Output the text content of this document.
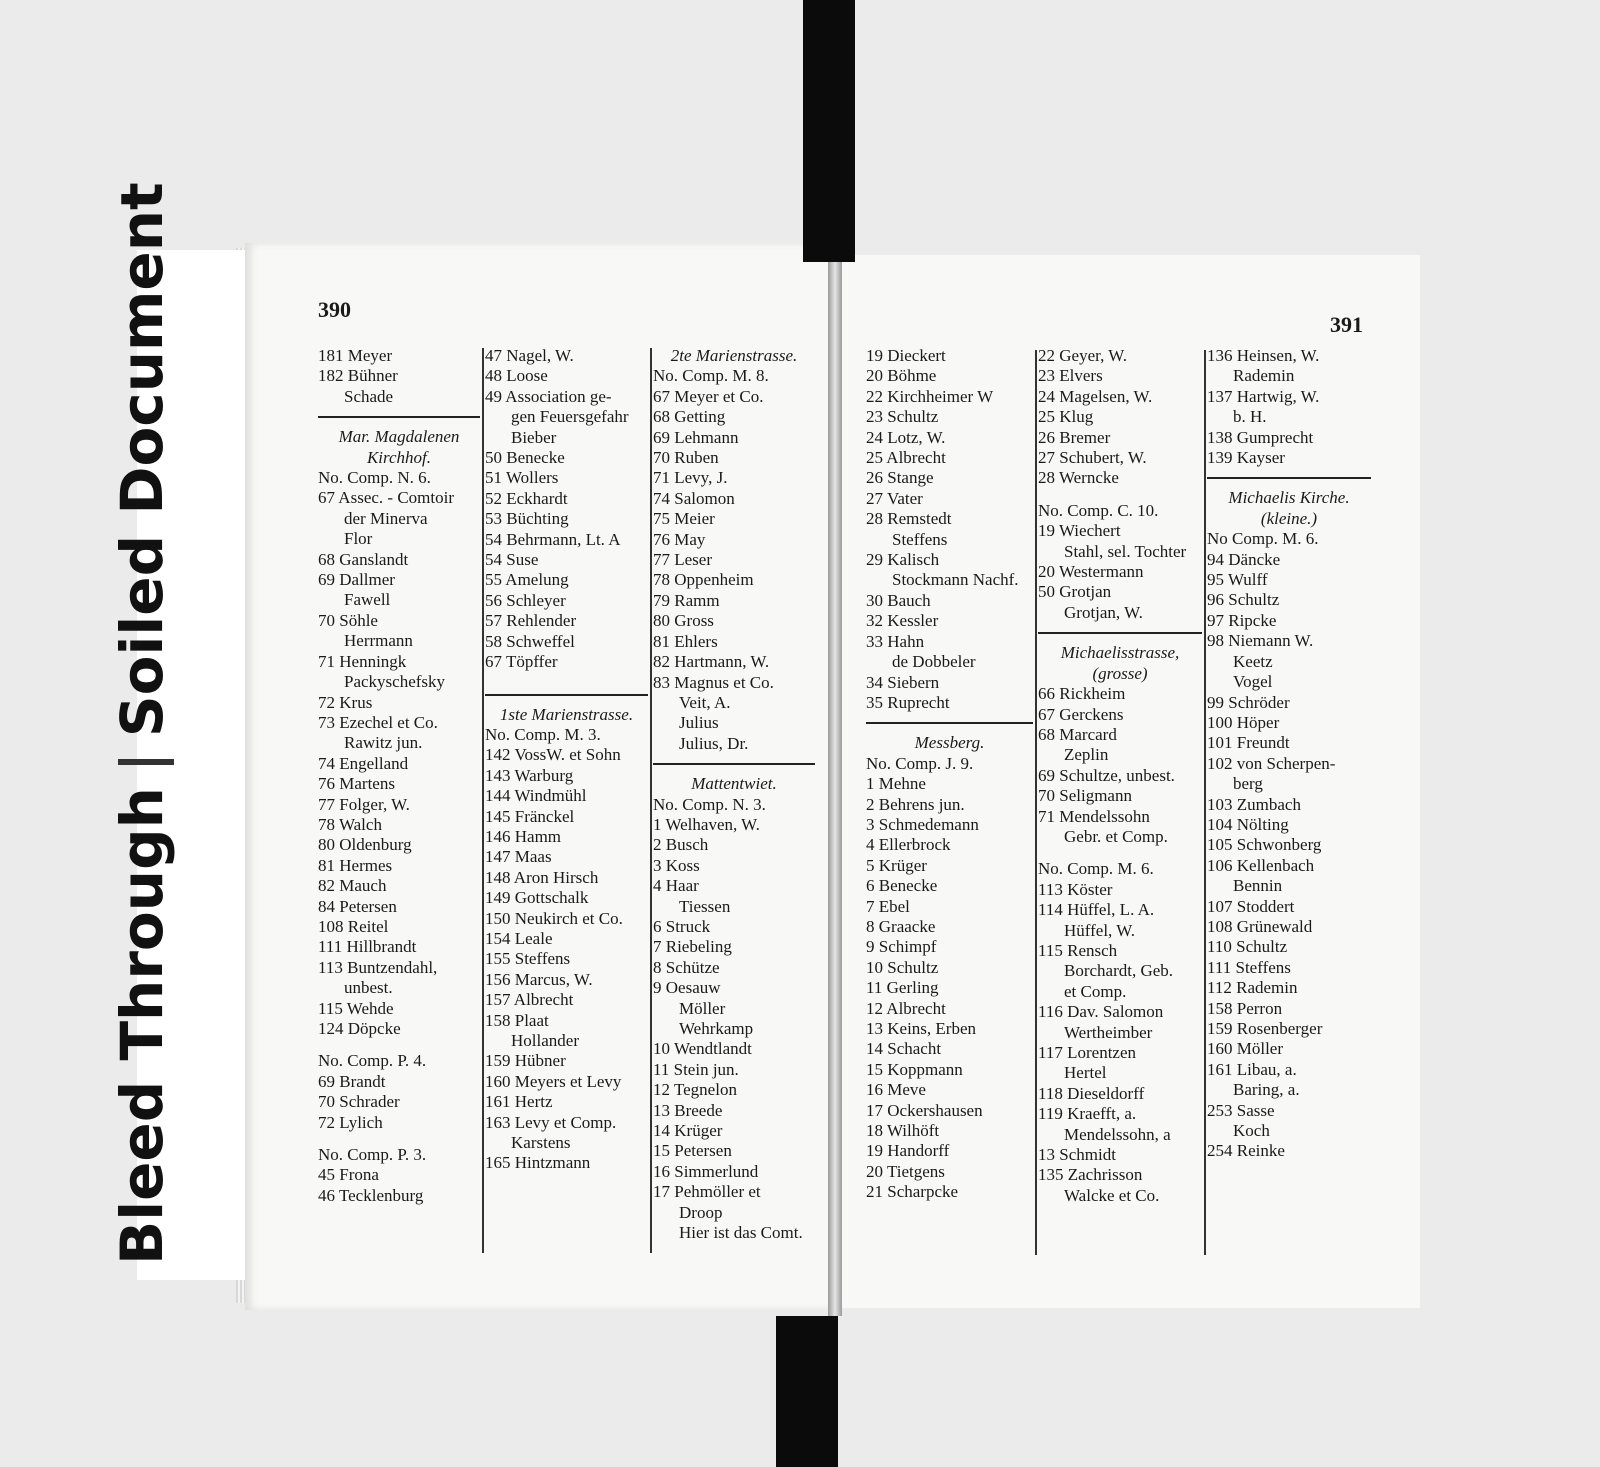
Bleed ThroughSoiled Document	390
391
181 Meyer
182 Bühner
Schade
Mar. Magdalenen
Kirchhof.
No. Comp. N. 6.
67 Assec. - Comtoir
der Minerva
Flor
68 Ganslandt
69 Dallmer
Fawell
70 Söhle
Herrmann
71 Henningk
Packyschefsky
72 Krus
73 Ezechel et Co.
Rawitz jun.
74 Engelland
76 Martens
77 Folger, W.
78 Walch
80 Oldenburg
81 Hermes
82 Mauch
84 Petersen
108 Reitel
111 Hillbrandt
113 Buntzendahl,
unbest.
115 Wehde
124 Döpcke
No. Comp. P. 4.
69 Brandt
70 Schrader
72 Lylich
No. Comp. P. 3.
45 Frona
46 Tecklenburg
47 Nagel, W.
48 Loose
49 Association ge-
gen Feuersgefahr
Bieber
50 Benecke
51 Wollers
52 Eckhardt
53 Büchting
54 Behrmann, Lt. A
54 Suse
55 Amelung
56 Schleyer
57 Rehlender
58 Schweffel
67 Töpffer
1ste Marienstrasse.
No. Comp. M. 3.
142 VossW. et Sohn
143 Warburg
144 Windmühl
145 Fränckel
146 Hamm
147 Maas
148 Aron Hirsch
149 Gottschalk
150 Neukirch et Co.
154 Leale
155 Steffens
156 Marcus, W.
157 Albrecht
158 Plaat
Hollander
159 Hübner
160 Meyers et Levy
161 Hertz
163 Levy et Comp.
Karstens
165 Hintzmann
2te Marienstrasse.
No. Comp. M. 8.
67 Meyer et Co.
68 Getting
69 Lehmann
70 Ruben
71 Levy, J.
74 Salomon
75 Meier
76 May
77 Leser
78 Oppenheim
79 Ramm
80 Gross
81 Ehlers
82 Hartmann, W.
83 Magnus et Co.
Veit, A.
Julius
Julius, Dr.
Mattentwiet.
No. Comp. N. 3.
1 Welhaven, W.
2 Busch
3 Koss
4 Haar
Tiessen
6 Struck
7 Riebeling
8 Schütze
9 Oesauw
Möller
Wehrkamp
10 Wendtlandt
11 Stein jun.
12 Tegnelon
13 Breede
14 Krüger
15 Petersen
16 Simmerlund
17 Pehmöller et
Droop
Hier ist das Comt.
19 Dieckert
20 Böhme
22 Kirchheimer W
23 Schultz
24 Lotz, W.
25 Albrecht
26 Stange
27 Vater
28 Remstedt
Steffens
29 Kalisch
Stockmann Nachf.
30 Bauch
32 Kessler
33 Hahn
de Dobbeler
34 Siebern
35 Ruprecht
Messberg.
No. Comp. J. 9.
1 Mehne
2 Behrens jun.
3 Schmedemann
4 Ellerbrock
5 Krüger
6 Benecke
7 Ebel
8 Graacke
9 Schimpf
10 Schultz
11 Gerling
12 Albrecht
13 Keins, Erben
14 Schacht
15 Koppmann
16 Meve
17 Ockershausen
18 Wilhöft
19 Handorff
20 Tietgens
21 Scharpcke
22 Geyer, W.
23 Elvers
24 Magelsen, W.
25 Klug
26 Bremer
27 Schubert, W.
28 Werncke
No. Comp. C. 10.
19 Wiechert
Stahl, sel. Tochter
20 Westermann
50 Grotjan
Grotjan, W.
Michaelisstrasse,
(grosse)
66 Rickheim
67 Gerckens
68 Marcard
Zeplin
69 Schultze, unbest.
70 Seligmann
71 Mendelssohn
Gebr. et Comp.
No. Comp. M. 6.
113 Köster
114 Hüffel, L. A.
Hüffel, W.
115 Rensch
Borchardt, Geb.
et Comp.
116 Dav. Salomon
Wertheimber
117 Lorentzen
Hertel
118 Dieseldorff
119 Kraefft, a.
Mendelssohn, a
13 Schmidt
135 Zachrisson
Walcke et Co.
136 Heinsen, W.
Rademin
137 Hartwig, W.
b. H.
138 Gumprecht
139 Kayser
Michaelis Kirche.
(kleine.)
No Comp. M. 6.
94 Däncke
95 Wulff
96 Schultz
97 Ripcke
98 Niemann W.
Keetz
Vogel
99 Schröder
100 Höper
101 Freundt
102 von Scherpen-
berg
103 Zumbach
104 Nölting
105 Schwonberg
106 Kellenbach
Bennin
107 Stoddert
108 Grünewald
110 Schultz
111 Steffens
112 Rademin
158 Perron
159 Rosenberger
160 Möller
161 Libau, a.
Baring, a.
253 Sasse
Koch
254 Reinke
